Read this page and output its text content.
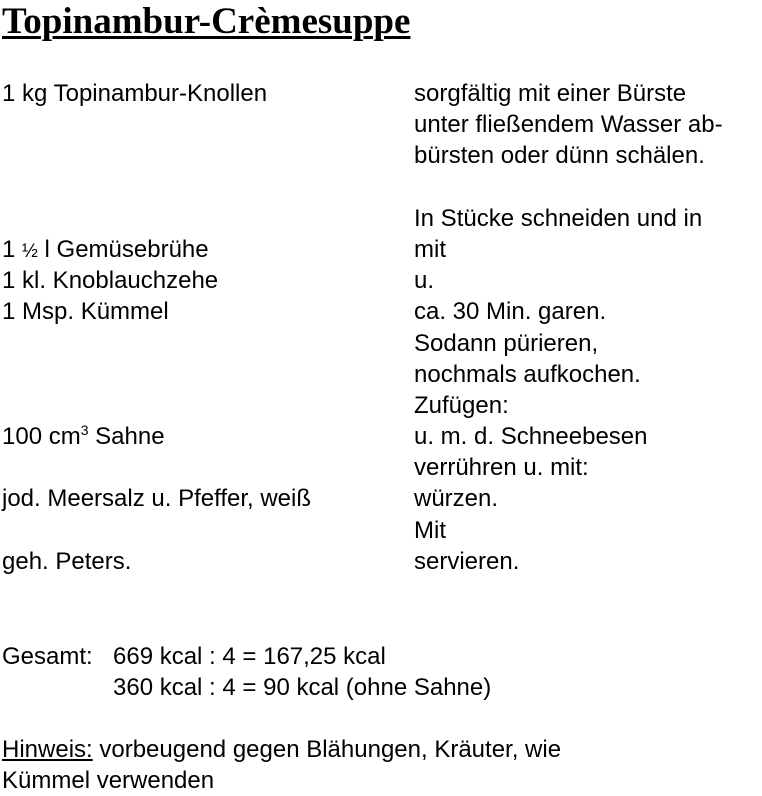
Topinambur-Crèmesuppe
1 kg Topinambur-Knollen
1 ½ l Gemüsebrühe
1 kl. Knoblauchzehe
1 Msp. Kümmel
100 $cm^3$ Sahne
jod. Meersalz u. Pfeffer, weiß
geh. Peters.
sorgfältig mit einer Bürste
unter fließendem Wasser ab-
bürsten oder dünn schälen.
In Stücke schneiden und in
mit
u.
ca. 30 Min. garen.
Sodann pürieren,
nochmals aufkochen.
Zufügen:
u. m. d. Schneebesen
verrühren u. mit:
würzen.
Mit
servieren.
Gesamt: 669 kcal : 4 = 167,25 kcal
360 kcal : 4 = 90 kcal (ohne Sahne)
Hinweis: vorbeugend gegen Blähungen, Kräuter, wie
Kümmel verwenden
